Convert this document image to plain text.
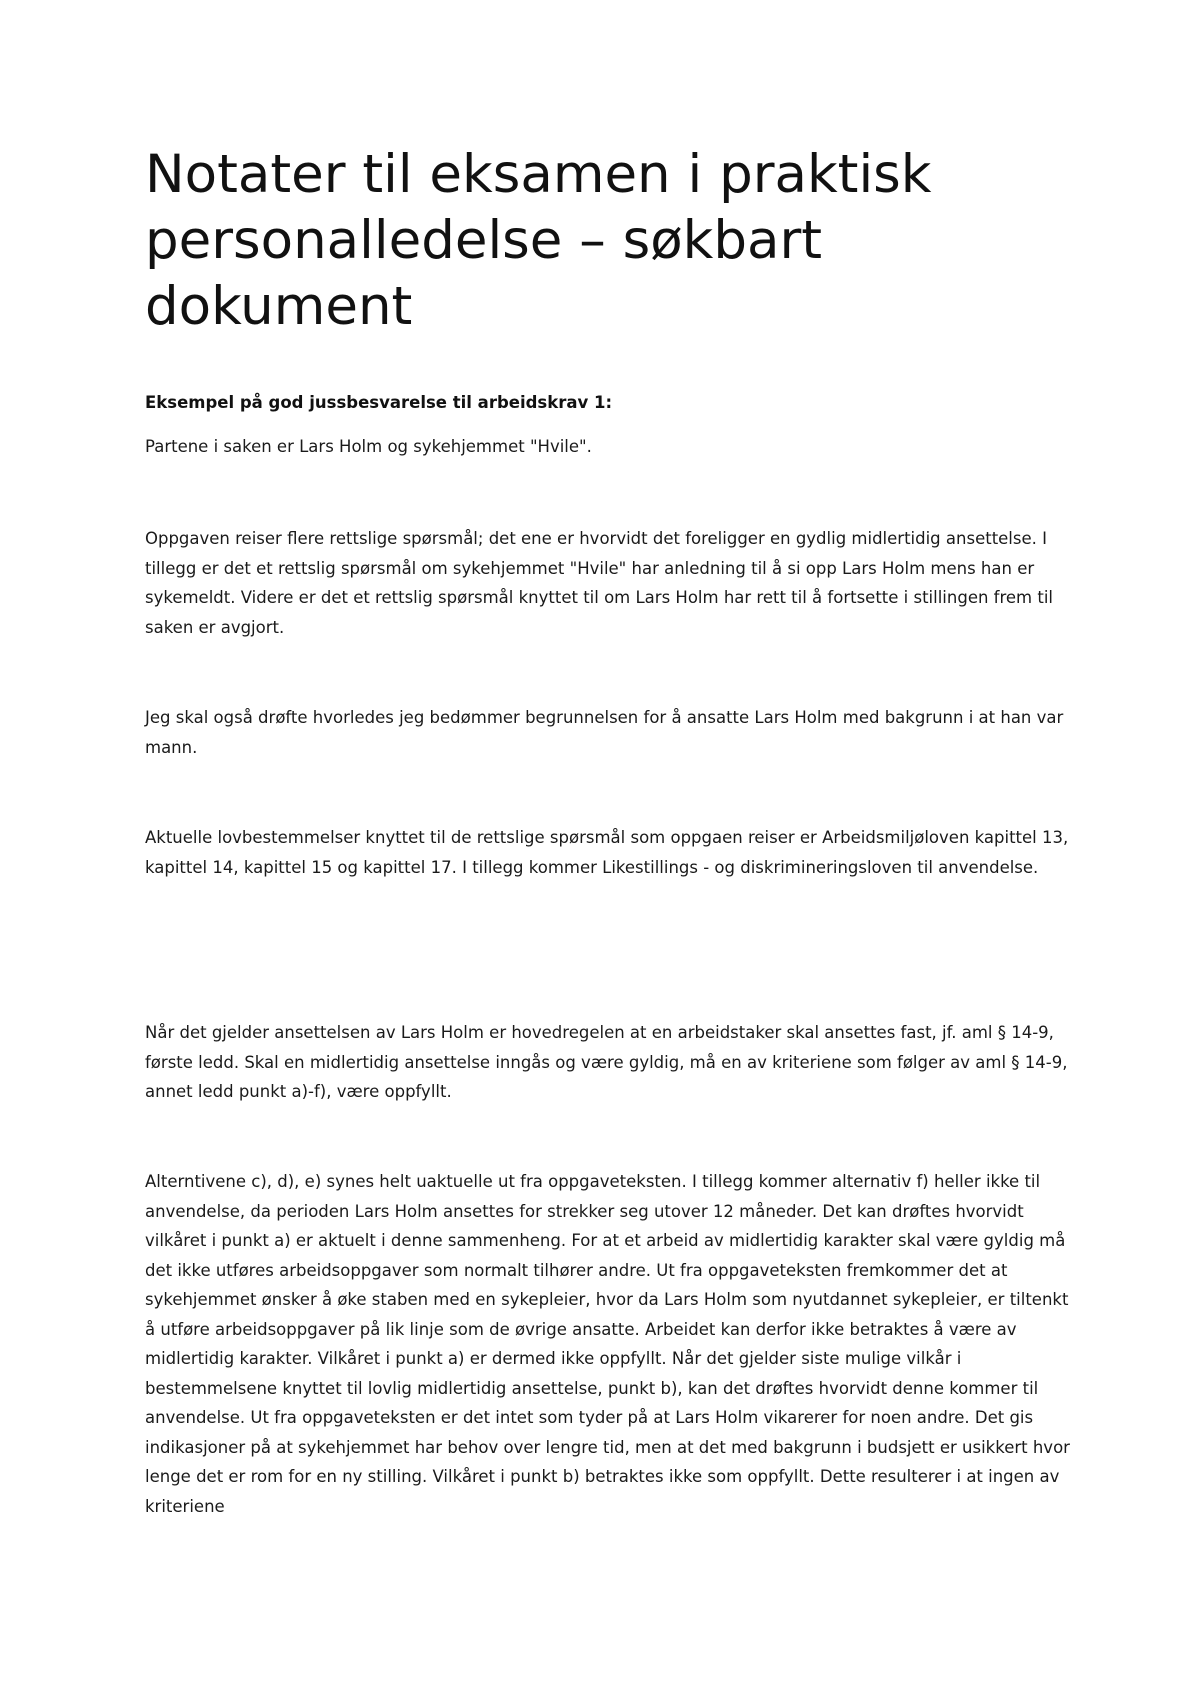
Notater til eksamen i praktisk personalledelse – søkbart dokument

Eksempel på god jussbesvarelse til arbeidskrav 1:

Partene i saken er Lars Holm og sykehjemmet "Hvile".

Oppgaven reiser flere rettslige spørsmål; det ene er hvorvidt det foreligger en gydlig midlertidig ansettelse. I tillegg er det et rettslig spørsmål om sykehjemmet "Hvile" har anledning til å si opp Lars Holm mens han er sykemeldt. Videre er det et rettslig spørsmål knyttet til om Lars Holm har rett til å fortsette i stillingen frem til saken er avgjort.

Jeg skal også drøfte hvorledes jeg bedømmer begrunnelsen for å ansatte Lars Holm med bakgrunn i at han var mann.

Aktuelle lovbestemmelser knyttet til de rettslige spørsmål som oppgaen reiser er Arbeidsmiljøloven kapittel 13, kapittel 14, kapittel 15 og kapittel 17. I tillegg kommer Likestillings - og diskrimineringsloven til anvendelse.

Når det gjelder ansettelsen av Lars Holm er hovedregelen at en arbeidstaker skal ansettes fast, jf. aml § 14-9, første ledd. Skal en midlertidig ansettelse inngås og være gyldig, må en av kriteriene som følger av aml § 14-9, annet ledd punkt a)-f), være oppfyllt.

Alterntivene c), d), e) synes helt uaktuelle ut fra oppgaveteksten. I tillegg kommer alternativ f) heller ikke til anvendelse, da perioden Lars Holm ansettes for strekker seg utover 12 måneder. Det kan drøftes hvorvidt vilkåret i punkt a) er aktuelt i denne sammenheng. For at et arbeid av midlertidig karakter skal være gyldig må det ikke utføres arbeidsoppgaver som normalt tilhører andre. Ut fra oppgaveteksten fremkommer det at sykehjemmet ønsker å øke staben med en sykepleier, hvor da Lars Holm som nyutdannet sykepleier, er tiltenkt å utføre arbeidsoppgaver på lik linje som de øvrige ansatte. Arbeidet kan derfor ikke betraktes å være av midlertidig karakter. Vilkåret i punkt a) er dermed ikke oppfyllt. Når det gjelder siste mulige vilkår i bestemmelsene knyttet til lovlig midlertidig ansettelse, punkt b), kan det drøftes hvorvidt denne kommer til anvendelse. Ut fra oppgaveteksten er det intet som tyder på at Lars Holm vikarerer for noen andre. Det gis indikasjoner på at sykehjemmet har behov over lengre tid, men at det med bakgrunn i budsjett er usikkert hvor lenge det er rom for en ny stilling. Vilkåret i punkt b) betraktes ikke som oppfyllt. Dette resulterer i at ingen av kriteriene
